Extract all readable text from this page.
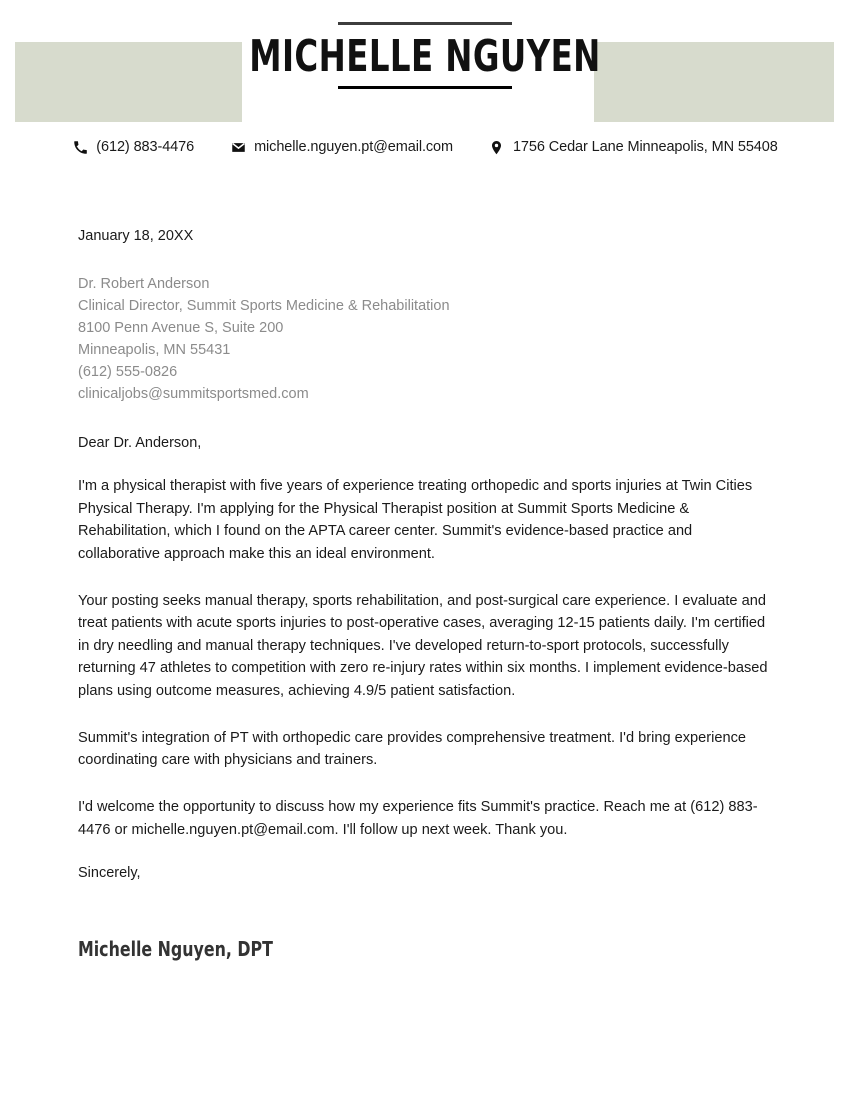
MICHELLE NGUYEN
(612) 883-4476	michelle.nguyen.pt@email.com	1756 Cedar Lane Minneapolis, MN 55408
January 18, 20XX
Dr. Robert Anderson
Clinical Director, Summit Sports Medicine & Rehabilitation
8100 Penn Avenue S, Suite 200
Minneapolis, MN 55431
(612) 555-0826
clinicaljobs@summitsportsmed.com
Dear Dr. Anderson,

I'm a physical therapist with five years of experience treating orthopedic and sports injuries at Twin Cities Physical Therapy. I'm applying for the Physical Therapist position at Summit Sports Medicine & Rehabilitation, which I found on the APTA career center. Summit's evidence-based practice and collaborative approach make this an ideal environment.

Your posting seeks manual therapy, sports rehabilitation, and post-surgical care experience. I evaluate and treat patients with acute sports injuries to post-operative cases, averaging 12-15 patients daily. I'm certified in dry needling and manual therapy techniques. I've developed return-to-sport protocols, successfully returning 47 athletes to competition with zero re-injury rates within six months. I implement evidence-based plans using outcome measures, achieving 4.9/5 patient satisfaction.

Summit's integration of PT with orthopedic care provides comprehensive treatment. I'd bring experience coordinating care with physicians and trainers.

I'd welcome the opportunity to discuss how my experience fits Summit's practice. Reach me at (612) 883-4476 or michelle.nguyen.pt@email.com. I'll follow up next week. Thank you.

Sincerely,
Michelle Nguyen, DPT
